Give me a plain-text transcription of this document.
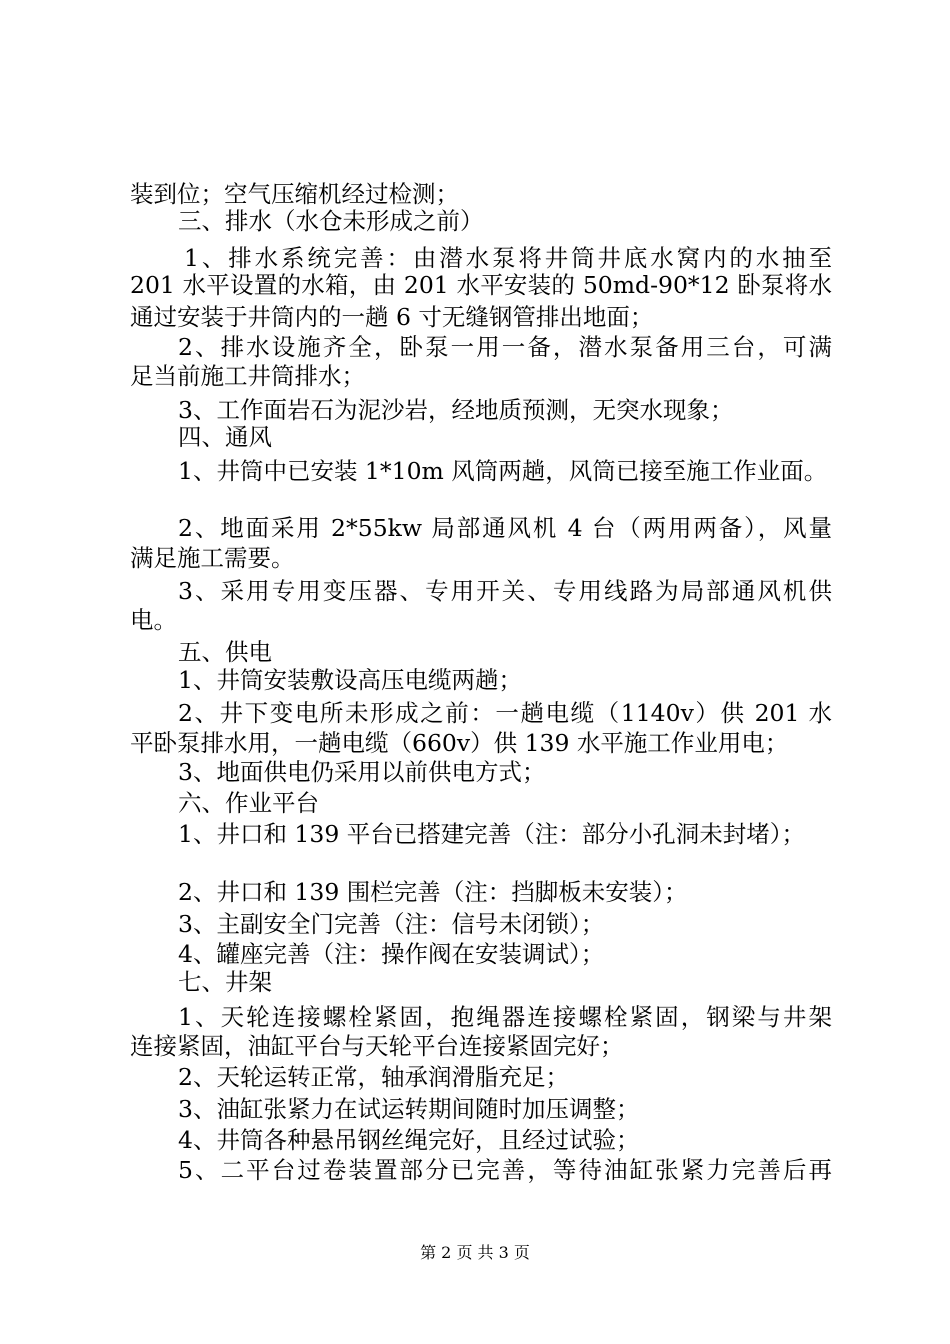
装到位；空气压缩机经过检测；
三、排水（水仓未形成之前）
1、排水系统完善：由潜水泵将井筒井底水窝内的水抽至
201 水平设置的水箱，由 201 水平安装的 50md-90*12 卧泵将水
通过安装于井筒内的一趟 6 寸无缝钢管排出地面；
2、排水设施齐全，卧泵一用一备，潜水泵备用三台，可满
足当前施工井筒排水；
3、工作面岩石为泥沙岩，经地质预测，无突水现象；
四、通风
1、井筒中已安装 1*10m 风筒两趟，风筒已接至施工作业面。
2、地面采用 2*55kw 局部通风机 4 台（两用两备），风量
满足施工需要。
3、采用专用变压器、专用开关、专用线路为局部通风机供
电。
五、供电
1、井筒安装敷设高压电缆两趟；
2、井下变电所未形成之前：一趟电缆（1140v）供 201 水
平卧泵排水用，一趟电缆（660v）供 139 水平施工作业用电；
3、地面供电仍采用以前供电方式；
六、作业平台
1、井口和 139 平台已搭建完善（注：部分小孔洞未封堵）；
2、井口和 139 围栏完善（注：挡脚板未安装）；
3、主副安全门完善（注：信号未闭锁）；
4、罐座完善（注：操作阀在安装调试）；
七、井架
1、天轮连接螺栓紧固，抱绳器连接螺栓紧固，钢梁与井架
连接紧固，油缸平台与天轮平台连接紧固完好；
2、天轮运转正常，轴承润滑脂充足；
3、油缸张紧力在试运转期间随时加压调整；
4、井筒各种悬吊钢丝绳完好，且经过试验；
5、二平台过卷装置部分已完善，等待油缸张紧力完善后再
第 2 页 共 3 页
